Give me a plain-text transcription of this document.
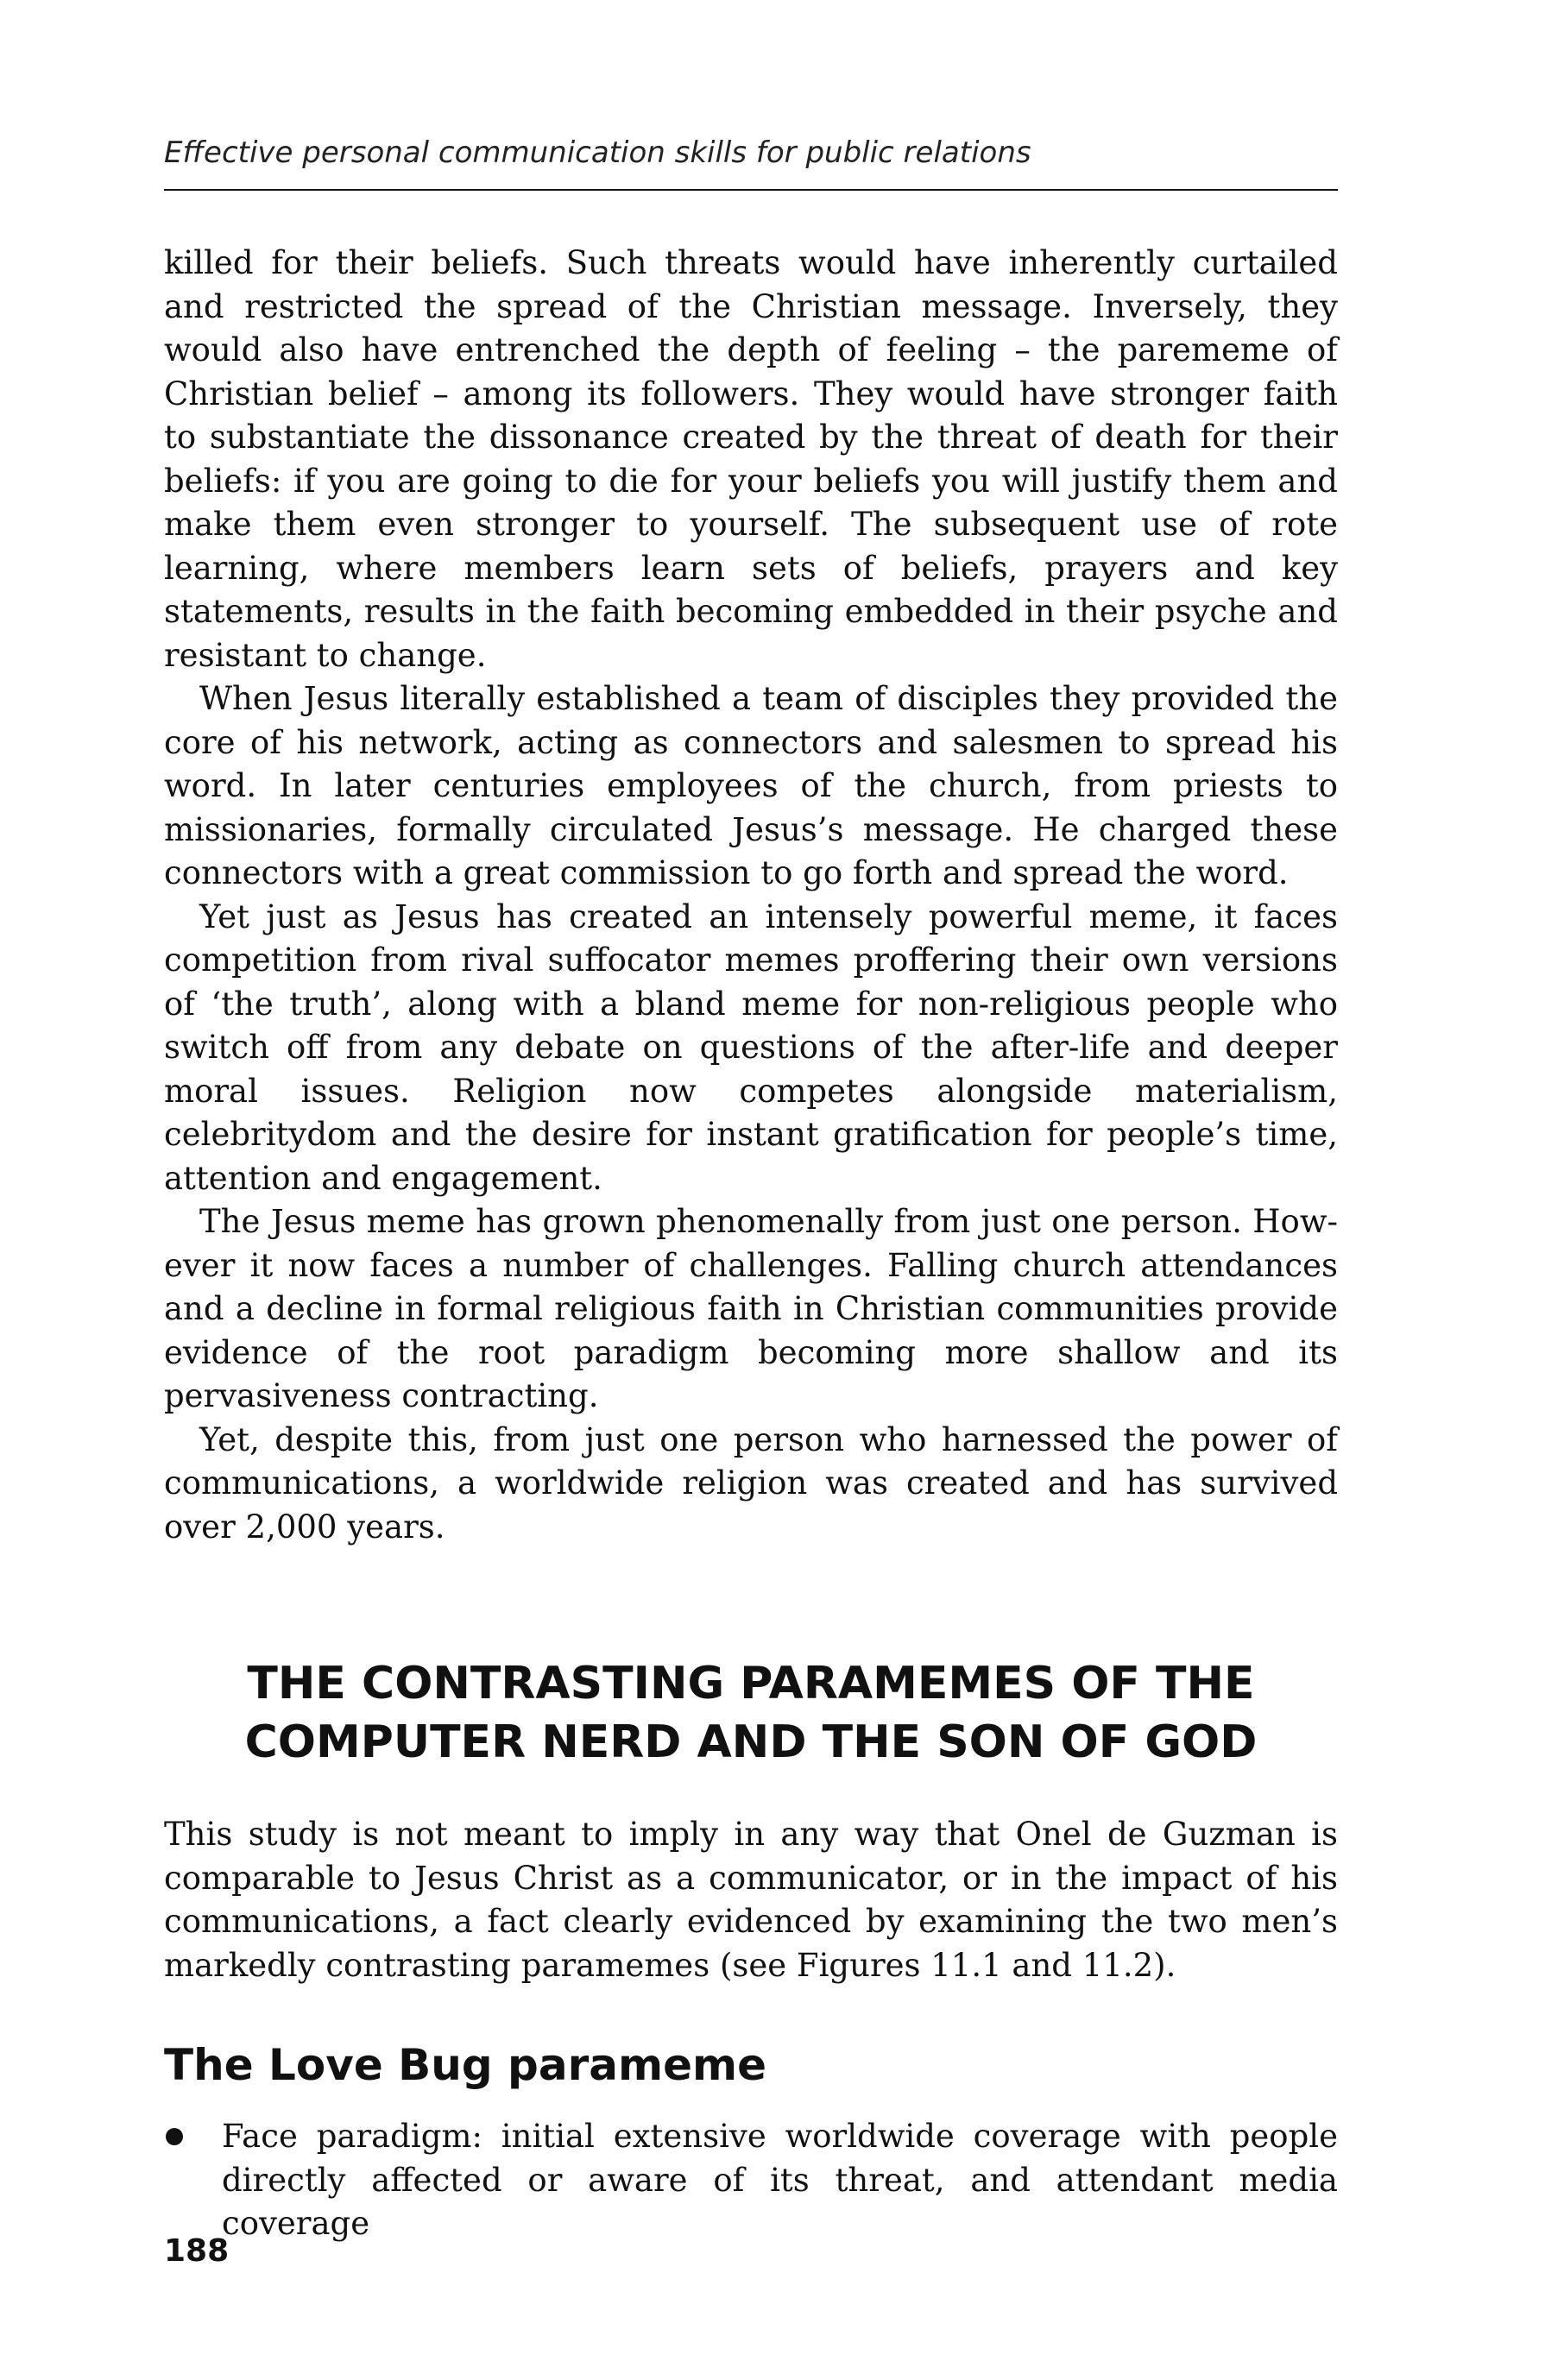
Effective personal communication skills for public relations

killed for their beliefs. Such threats would have inherently curtailed and restricted the spread of the Christian message. Inversely, they would also have entrenched the depth of feeling – the parememe of Christian belief – among its followers. They would have stronger faith to substantiate the dissonance created by the threat of death for their beliefs: if you are going to die for your beliefs you will justify them and make them even stronger to yourself. The subsequent use of rote learning, where members learn sets of beliefs, prayers and key statements, results in the faith becoming embedded in their psyche and resistant to change.

When Jesus literally established a team of disciples they provided the core of his network, acting as connectors and salesmen to spread his word. In later centuries employees of the church, from priests to missionaries, formally circulated Jesus’s message. He charged these connectors with a great commission to go forth and spread the word.

Yet just as Jesus has created an intensely powerful meme, it faces competition from rival suffocator memes proffering their own versions of ‘the truth’, along with a bland meme for non-religious people who switch off from any debate on questions of the after-life and deeper moral issues. Religion now competes alongside materialism, celebritydom and the desire for instant gratification for people’s time, attention and engagement.

The Jesus meme has grown phenomenally from just one person. However it now faces a number of challenges. Falling church attendances and a decline in formal religious faith in Christian communities provide evidence of the root paradigm becoming more shallow and its pervasiveness contracting.

Yet, despite this, from just one person who harnessed the power of communications, a worldwide religion was created and has survived over 2,000 years.

THE CONTRASTING PARAMEMES OF THE
COMPUTER NERD AND THE SON OF GOD

This study is not meant to imply in any way that Onel de Guzman is comparable to Jesus Christ as a communicator, or in the impact of his communications, a fact clearly evidenced by examining the two men’s markedly contrasting paramemes (see Figures 11.1 and 11.2).

The Love Bug parameme

Face paradigm: initial extensive worldwide coverage with people directly affected or aware of its threat, and attendant media coverage

188
